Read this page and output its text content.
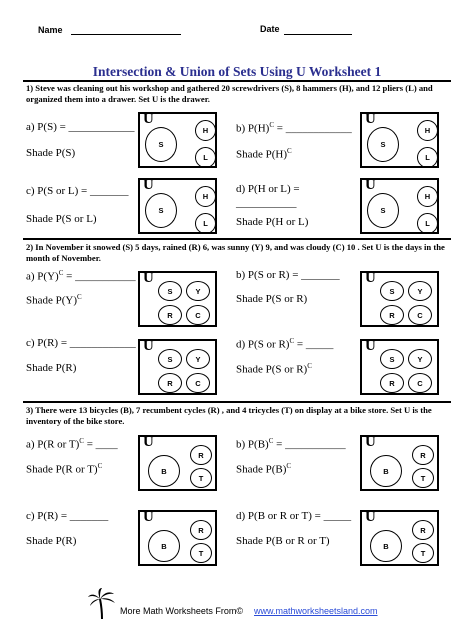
Name	Date
Intersection & Union of Sets Using U Worksheet 1
1) Steve was cleaning out his workshop and gathered 20 screwdrivers (S), 8 hammers (H), and 12 pliers (L) and organized them into a drawer. Set U is the drawer.
a) P(S) = ____________
Shade P(S)
U
S
H
L
b) $P(H)^C$ = ____________
Shade $P(H)^C$
U
S
H
L
c) P(S or L) = _______
Shade P(S or L)
U
S
H
L
d) P(H or L) =
___________
Shade P(H or L)
U
S
H
L
2) In November it snowed (S) 5 days, rained (R) 6, was sunny (Y) 9, and was cloudy (C) 10 . Set U is the days in the month of November.
a) $P(Y)^C$ = ___________
Shade $P(Y)^C$
U
S	Y
R	C
b) P(S or R) = _______
Shade P(S or R)
U
S	Y
R	C
c) P(R) = ____________
Shade P(R)
U
S	Y
R	C
d) P(S or R)$^C$ = _____
Shade P(S or R)$^C$
U
S	Y
R	C
3) There were 13 bicycles (B), 7 recumbent cycles (R) , and 4 tricycles (T) on display at a bike store. Set U is the inventory of the bike store.
a) P(R or T)$^C$ = ____
Shade P(R or T)$^C$
U
B
R
T
b) $P(B)^C$ = ___________
Shade $P(B)^C$
U
B
R
T
c) P(R) = _______
Shade P(R)
U
B
R
T
d) P(B or R or T) = _____
Shade P(B or R or T)
U
B
R
T
More Math Worksheets From© www.mathworksheetsland.com
